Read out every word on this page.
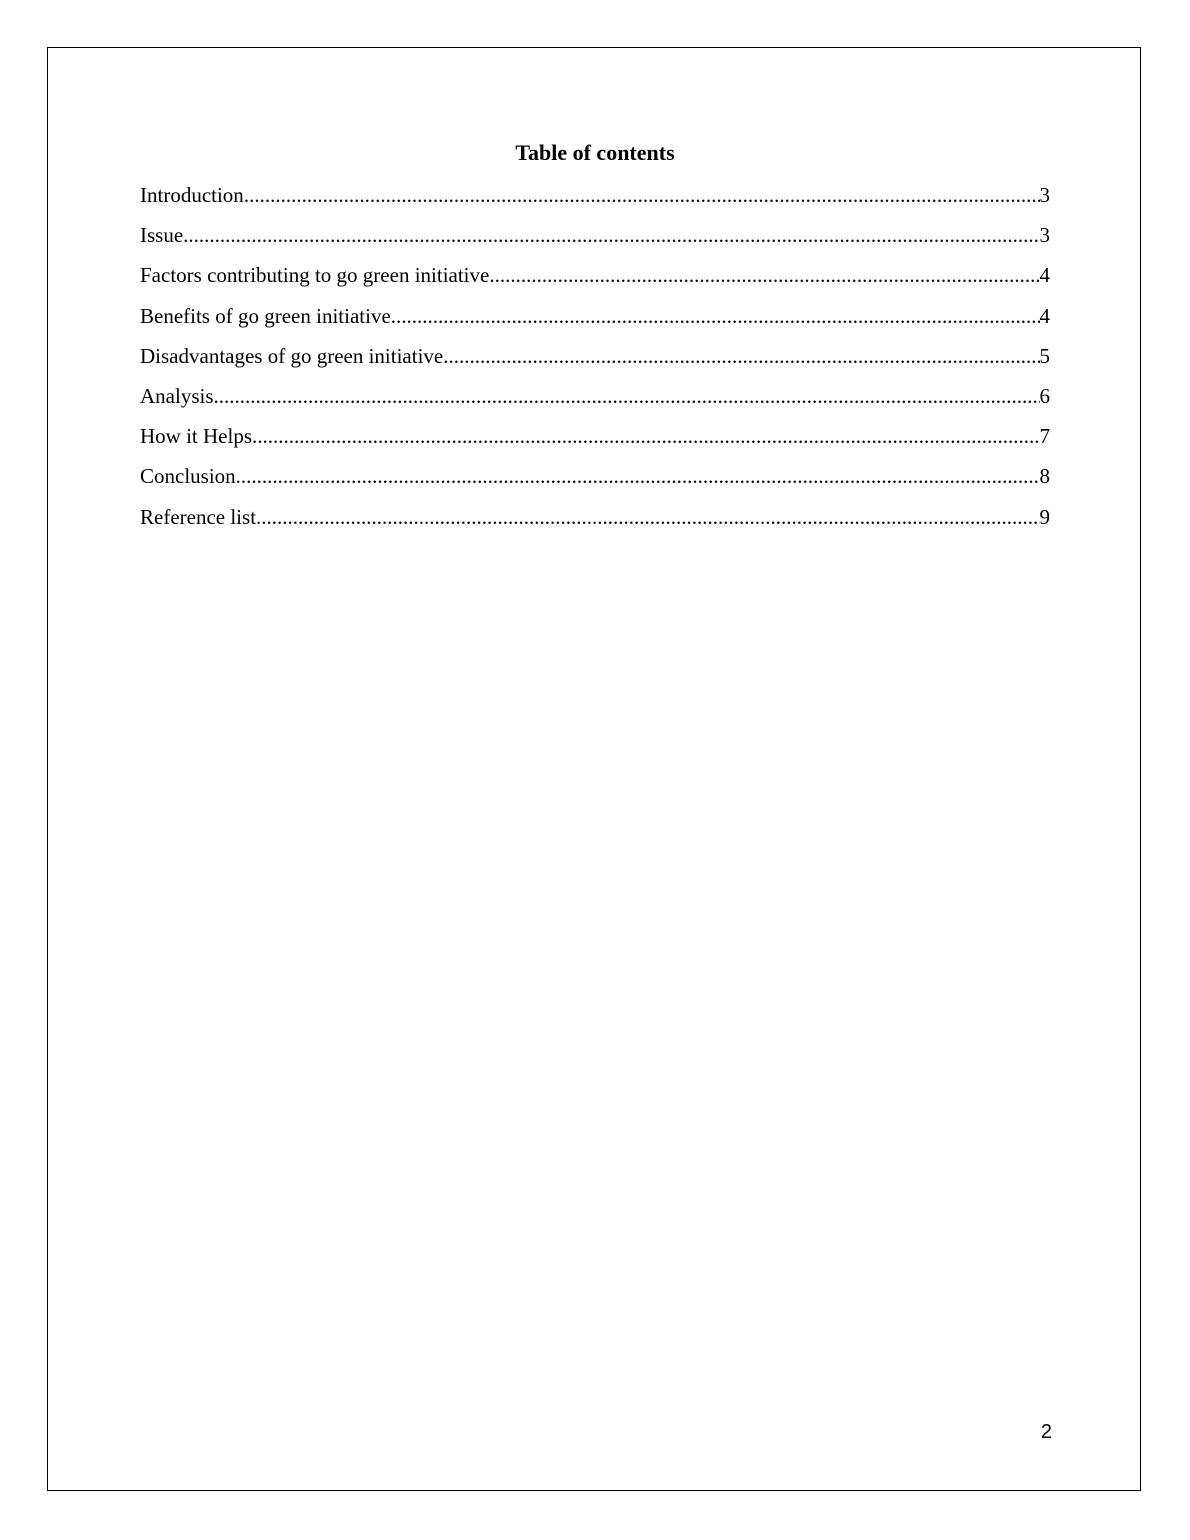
Table of contents
Introduction .....	3
Issue .....	3
Factors contributing to go green initiative .....	4
Benefits of go green initiative .....	4
Disadvantages of go green initiative .....	5
Analysis .....	6
How it Helps .....	7
Conclusion .....	8
Reference list .....	9
2
